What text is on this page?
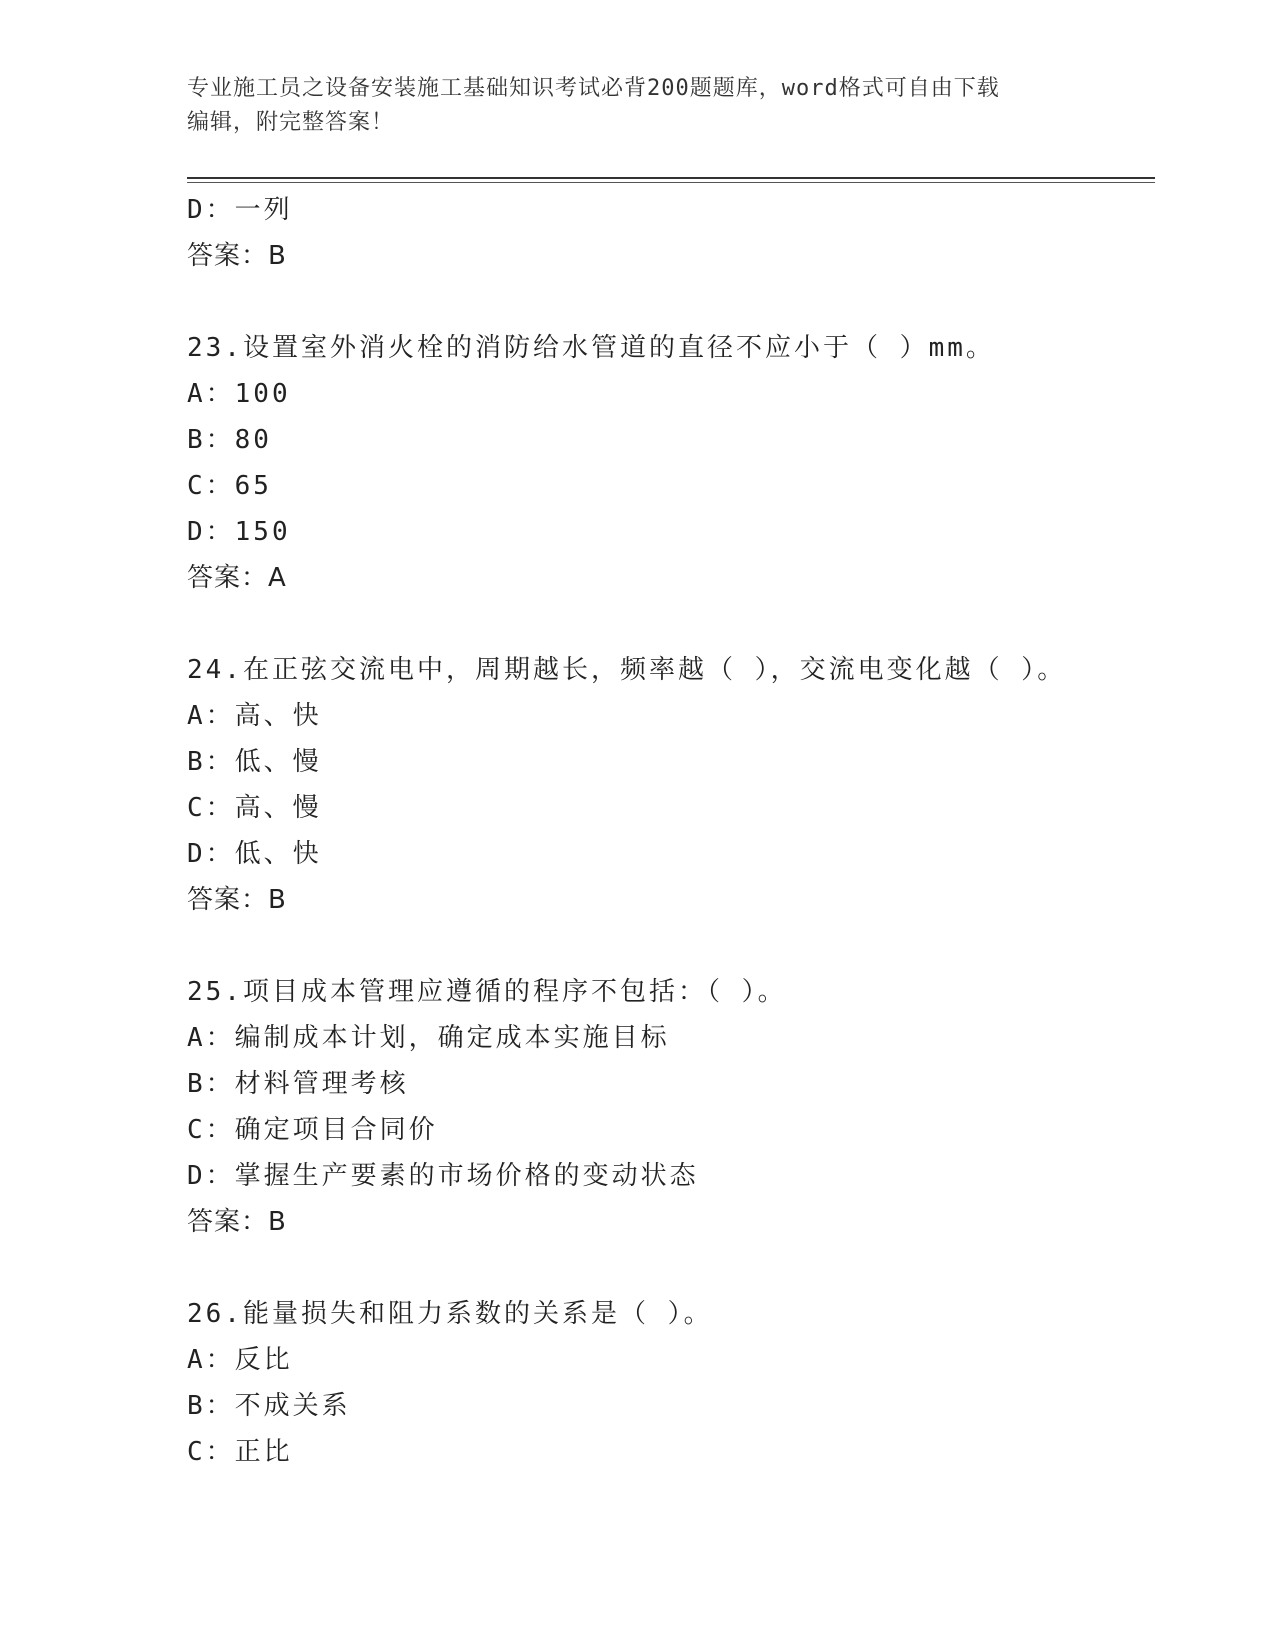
专业施工员之设备安装施工基础知识考试必背200题题库，word格式可自由下载
编辑，附完整答案！
D：一列
答案：B
23.设置室外消火栓的消防给水管道的直径不应小于（ ）mm。
A：100
B：80
C：65
D：150
答案：A
24.在正弦交流电中，周期越长，频率越（ ），交流电变化越（ ）。
A：高、快
B：低、慢
C：高、慢
D：低、快
答案：B
25.项目成本管理应遵循的程序不包括：（ ）。
A：编制成本计划，确定成本实施目标
B：材料管理考核
C：确定项目合同价
D：掌握生产要素的市场价格的变动状态
答案：B
26.能量损失和阻力系数的关系是（ ）。
A：反比
B：不成关系
C：正比
